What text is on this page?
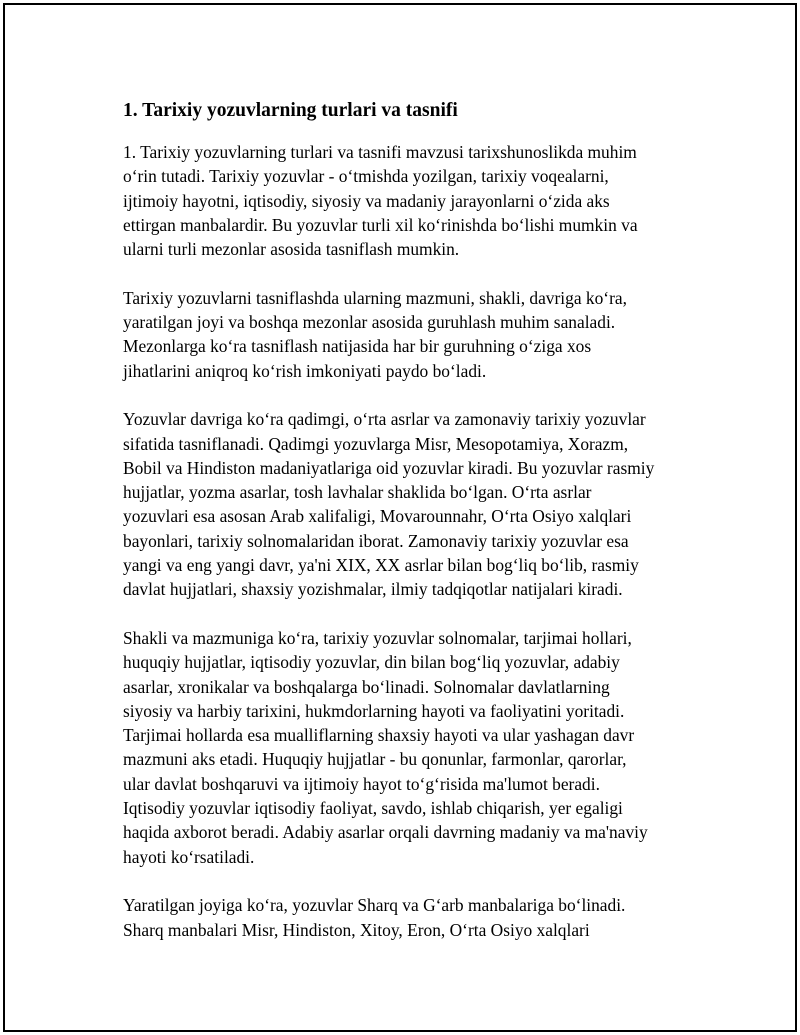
1. Tarixiy yozuvlarning turlari va tasnifi
1. Tarixiy yozuvlarning turlari va tasnifi mavzusi tarixshunoslikda muhim
o‘rin tutadi. Tarixiy yozuvlar - o‘tmishda yozilgan, tarixiy voqealarni,
ijtimoiy hayotni, iqtisodiy, siyosiy va madaniy jarayonlarni o‘zida aks
ettirgan manbalardir. Bu yozuvlar turli xil ko‘rinishda bo‘lishi mumkin va
ularni turli mezonlar asosida tasniflash mumkin.
Tarixiy yozuvlarni tasniflashda ularning mazmuni, shakli, davriga ko‘ra,
yaratilgan joyi va boshqa mezonlar asosida guruhlash muhim sanaladi.
Mezonlarga ko‘ra tasniflash natijasida har bir guruhning o‘ziga xos
jihatlarini aniqroq ko‘rish imkoniyati paydo bo‘ladi.
Yozuvlar davriga ko‘ra qadimgi, o‘rta asrlar va zamonaviy tarixiy yozuvlar
sifatida tasniflanadi. Qadimgi yozuvlarga Misr, Mesopotamiya, Xorazm,
Bobil va Hindiston madaniyatlariga oid yozuvlar kiradi. Bu yozuvlar rasmiy
hujjatlar, yozma asarlar, tosh lavhalar shaklida bo‘lgan. O‘rta asrlar
yozuvlari esa asosan Arab xalifaligi, Movarounnahr, O‘rta Osiyo xalqlari
bayonlari, tarixiy solnomalaridan iborat. Zamonaviy tarixiy yozuvlar esa
yangi va eng yangi davr, ya'ni XIX, XX asrlar bilan bog‘liq bo‘lib, rasmiy
davlat hujjatlari, shaxsiy yozishmalar, ilmiy tadqiqotlar natijalari kiradi.
Shakli va mazmuniga ko‘ra, tarixiy yozuvlar solnomalar, tarjimai hollari,
huquqiy hujjatlar, iqtisodiy yozuvlar, din bilan bog‘liq yozuvlar, adabiy
asarlar, xronikalar va boshqalarga bo‘linadi. Solnomalar davlatlarning
siyosiy va harbiy tarixini, hukmdorlarning hayoti va faoliyatini yoritadi.
Tarjimai hollarda esa mualliflarning shaxsiy hayoti va ular yashagan davr
mazmuni aks etadi. Huquqiy hujjatlar - bu qonunlar, farmonlar, qarorlar,
ular davlat boshqaruvi va ijtimoiy hayot to‘g‘risida ma'lumot beradi.
Iqtisodiy yozuvlar iqtisodiy faoliyat, savdo, ishlab chiqarish, yer egaligi
haqida axborot beradi. Adabiy asarlar orqali davrning madaniy va ma'naviy
hayoti ko‘rsatiladi.
Yaratilgan joyiga ko‘ra, yozuvlar Sharq va G‘arb manbalariga bo‘linadi.
Sharq manbalari Misr, Hindiston, Xitoy, Eron, O‘rta Osiyo xalqlari
